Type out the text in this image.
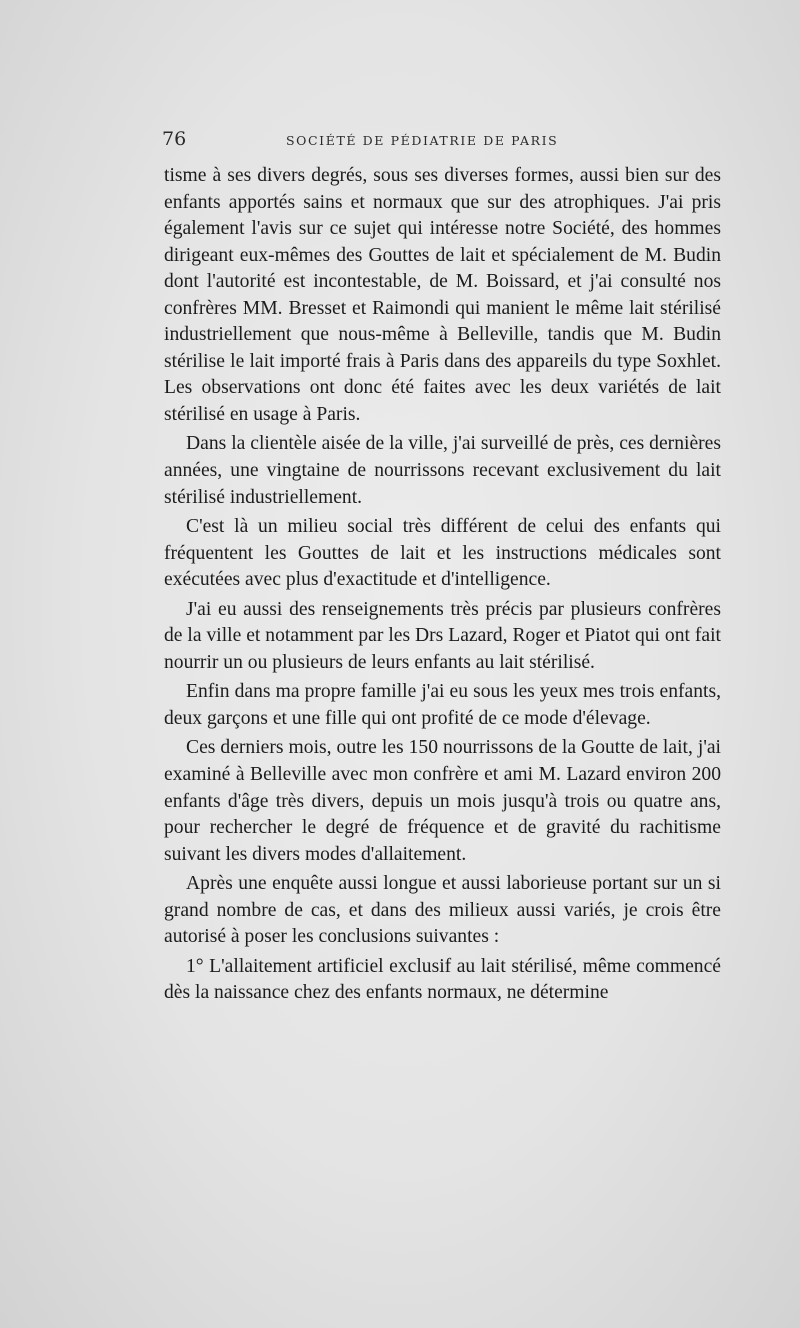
76	SOCIÉTÉ DE PÉDIATRIE DE PARIS

tisme à ses divers degrés, sous ses diverses formes, aussi bien sur des enfants apportés sains et normaux que sur des atrophiques. J'ai pris également l'avis sur ce sujet qui intéresse notre Société, des hommes dirigeant eux-mêmes des Gouttes de lait et spécialement de M. Budin dont l'autorité est incontestable, de M. Boissard, et j'ai consulté nos confrères MM. Bresset et Raimondi qui manient le même lait stérilisé industriellement que nous-même à Belleville, tandis que M. Budin stérilise le lait importé frais à Paris dans des appareils du type Soxhlet. Les observations ont donc été faites avec les deux variétés de lait stérilisé en usage à Paris.

Dans la clientèle aisée de la ville, j'ai surveillé de près, ces dernières années, une vingtaine de nourrissons recevant exclusivement du lait stérilisé industriellement.

C'est là un milieu social très différent de celui des enfants qui fréquentent les Gouttes de lait et les instructions médicales sont exécutées avec plus d'exactitude et d'intelligence.

J'ai eu aussi des renseignements très précis par plusieurs confrères de la ville et notamment par les Drs Lazard, Roger et Piatot qui ont fait nourrir un ou plusieurs de leurs enfants au lait stérilisé.

Enfin dans ma propre famille j'ai eu sous les yeux mes trois enfants, deux garçons et une fille qui ont profité de ce mode d'élevage.

Ces derniers mois, outre les 150 nourrissons de la Goutte de lait, j'ai examiné à Belleville avec mon confrère et ami M. Lazard environ 200 enfants d'âge très divers, depuis un mois jusqu'à trois ou quatre ans, pour rechercher le degré de fréquence et de gravité du rachitisme suivant les divers modes d'allaitement.

Après une enquête aussi longue et aussi laborieuse portant sur un si grand nombre de cas, et dans des milieux aussi variés, je crois être autorisé à poser les conclusions suivantes :

1° L'allaitement artificiel exclusif au lait stérilisé, même commencé dès la naissance chez des enfants normaux, ne détermine
